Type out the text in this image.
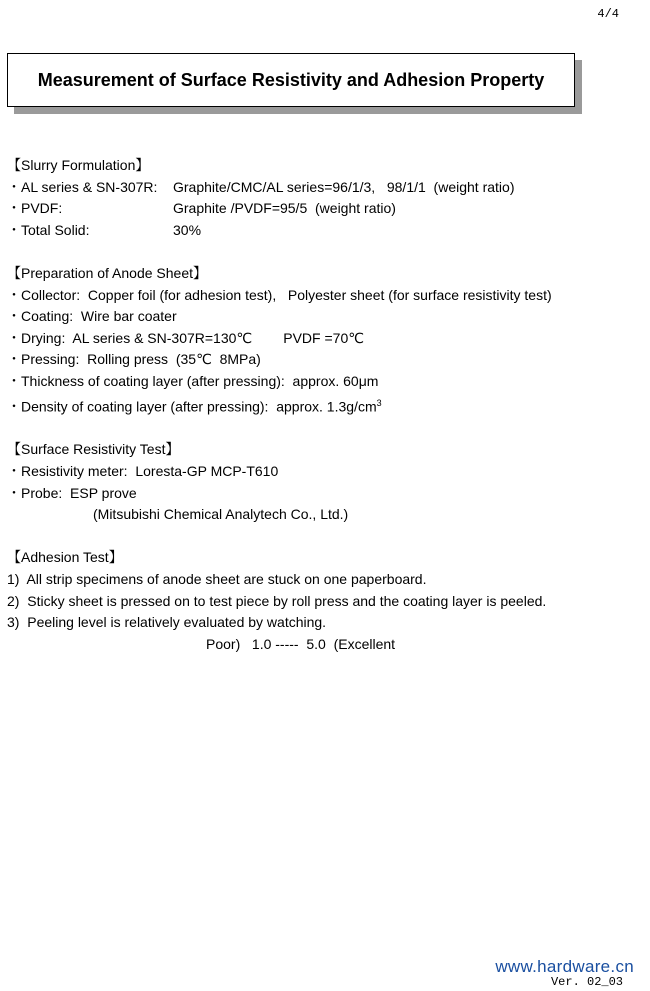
4/4
Measurement of Surface Resistivity and Adhesion Property
【Slurry Formulation】
・AL series & SN-307R:	Graphite/CMC/AL series=96/1/3,   98/1/1  (weight ratio)
・PVDF:	Graphite /PVDF=95/5  (weight ratio)
・Total Solid:	30%
【Preparation of Anode Sheet】
・Collector:  Copper foil (for adhesion test),   Polyester sheet (for surface resistivity test)
・Coating:  Wire bar coater
・Drying:  AL series & SN-307R=130℃        PVDF =70℃
・Pressing:  Rolling press  (35℃  8MPa)
・Thickness of coating layer (after pressing):  approx. 60μm
・Density of coating layer (after pressing):  approx. $1.3g/cm^3$
【Surface Resistivity Test】
・Resistivity meter:  Loresta-GP MCP-T610
・Probe:  ESP prove
(Mitsubishi Chemical Analytech Co., Ltd.)
【Adhesion Test】
1)  All strip specimens of anode sheet are stuck on one paperboard.
2)  Sticky sheet is pressed on to test piece by roll press and the coating layer is peeled.
3)  Peeling level is relatively evaluated by watching.
Poor)   1.0 -----  5.0  (Excellent
www.hardware.cn
Ver. 02_03
